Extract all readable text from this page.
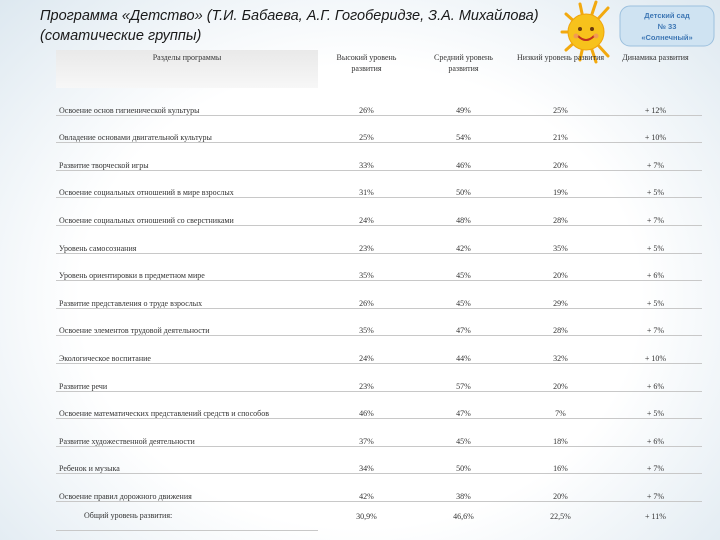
Программа «Детство» (Т.И. Бабаева, А.Г. Гогоберидзе, З.А. Михайлова)
(соматические группы)
Детский сад
№ 33
«Солнечный»
Разделы программы	Высокий уровень развития	Средний уровень развития	Низкий уровень развития	Динамика развития
Освоение основ гигиенической культуры	26%	49%	25%	+ 12%
Овладение основами двигательной культуры	25%	54%	21%	+ 10%
Развитие творческой игры	33%	46%	20%	+ 7%
Освоение социальных отношений в мире взрослых	31%	50%	19%	+ 5%
Освоение социальных отношений со сверстниками	24%	48%	28%	+ 7%
Уровень самосознания	23%	42%	35%	+ 5%
Уровень ориентировки в предметном мире	35%	45%	20%	+ 6%
Развитие представления о труде взрослых	26%	45%	29%	+ 5%
Освоение элементов трудовой деятельности	35%	47%	28%	+ 7%
Экологическое воспитание	24%	44%	32%	+ 10%
Развитие речи	23%	57%	20%	+ 6%
Освоение математических представлений средств и способов	46%	47%	7%	+ 5%
Развитие художественной деятельности	37%	45%	18%	+ 6%
Ребенок и музыка	34%	50%	16%	+ 7%
Освоение правил дорожного движения	42%	38%	20%	+ 7%
Общий уровень развития:	30,9%	46,6%	22,5%	+ 11%
